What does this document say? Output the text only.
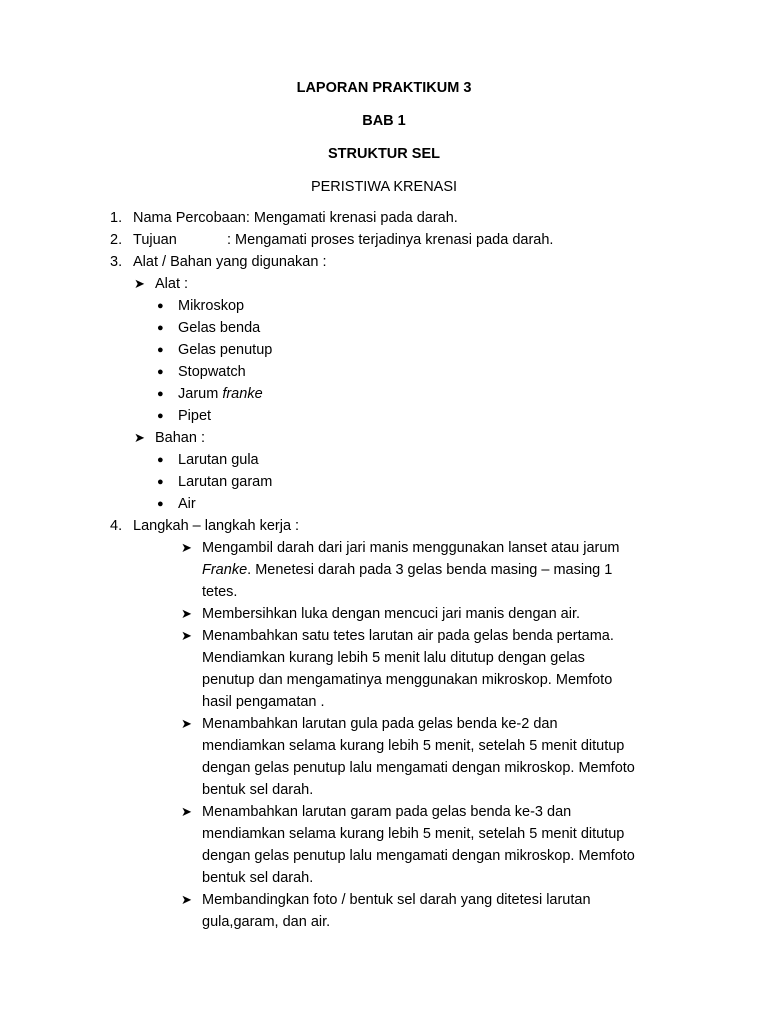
LAPORAN PRAKTIKUM 3
BAB 1
STRUKTUR SEL
PERISTIWA KRENASI
1. Nama Percobaan: Mengamati krenasi pada darah.
2. Tujuan	: Mengamati proses terjadinya krenasi pada darah.
3. Alat / Bahan yang digunakan :
➤ Alat :
● Mikroskop
● Gelas benda
● Gelas penutup
● Stopwatch
● Jarum franke
● Pipet
➤ Bahan :
● Larutan gula
● Larutan garam
● Air
4. Langkah – langkah kerja :
➤ Mengambil darah dari jari manis menggunakan lanset atau jarum
Franke. Menetesi darah pada 3 gelas benda masing – masing 1
tetes.
➤ Membersihkan luka dengan mencuci jari manis dengan air.
➤ Menambahkan satu tetes larutan air pada gelas benda pertama.
Mendiamkan kurang lebih 5 menit lalu ditutup dengan gelas
penutup dan mengamatinya menggunakan mikroskop. Memfoto
hasil pengamatan .
➤ Menambahkan larutan gula pada gelas benda ke-2 dan
mendiamkan selama kurang lebih 5 menit, setelah 5 menit ditutup
dengan gelas penutup lalu mengamati dengan mikroskop. Memfoto
bentuk sel darah.
➤ Menambahkan larutan garam pada gelas benda ke-3 dan
mendiamkan selama kurang lebih 5 menit, setelah 5 menit ditutup
dengan gelas penutup lalu mengamati dengan mikroskop. Memfoto
bentuk sel darah.
➤ Membandingkan foto / bentuk sel darah yang ditetesi larutan
gula,garam, dan air.
